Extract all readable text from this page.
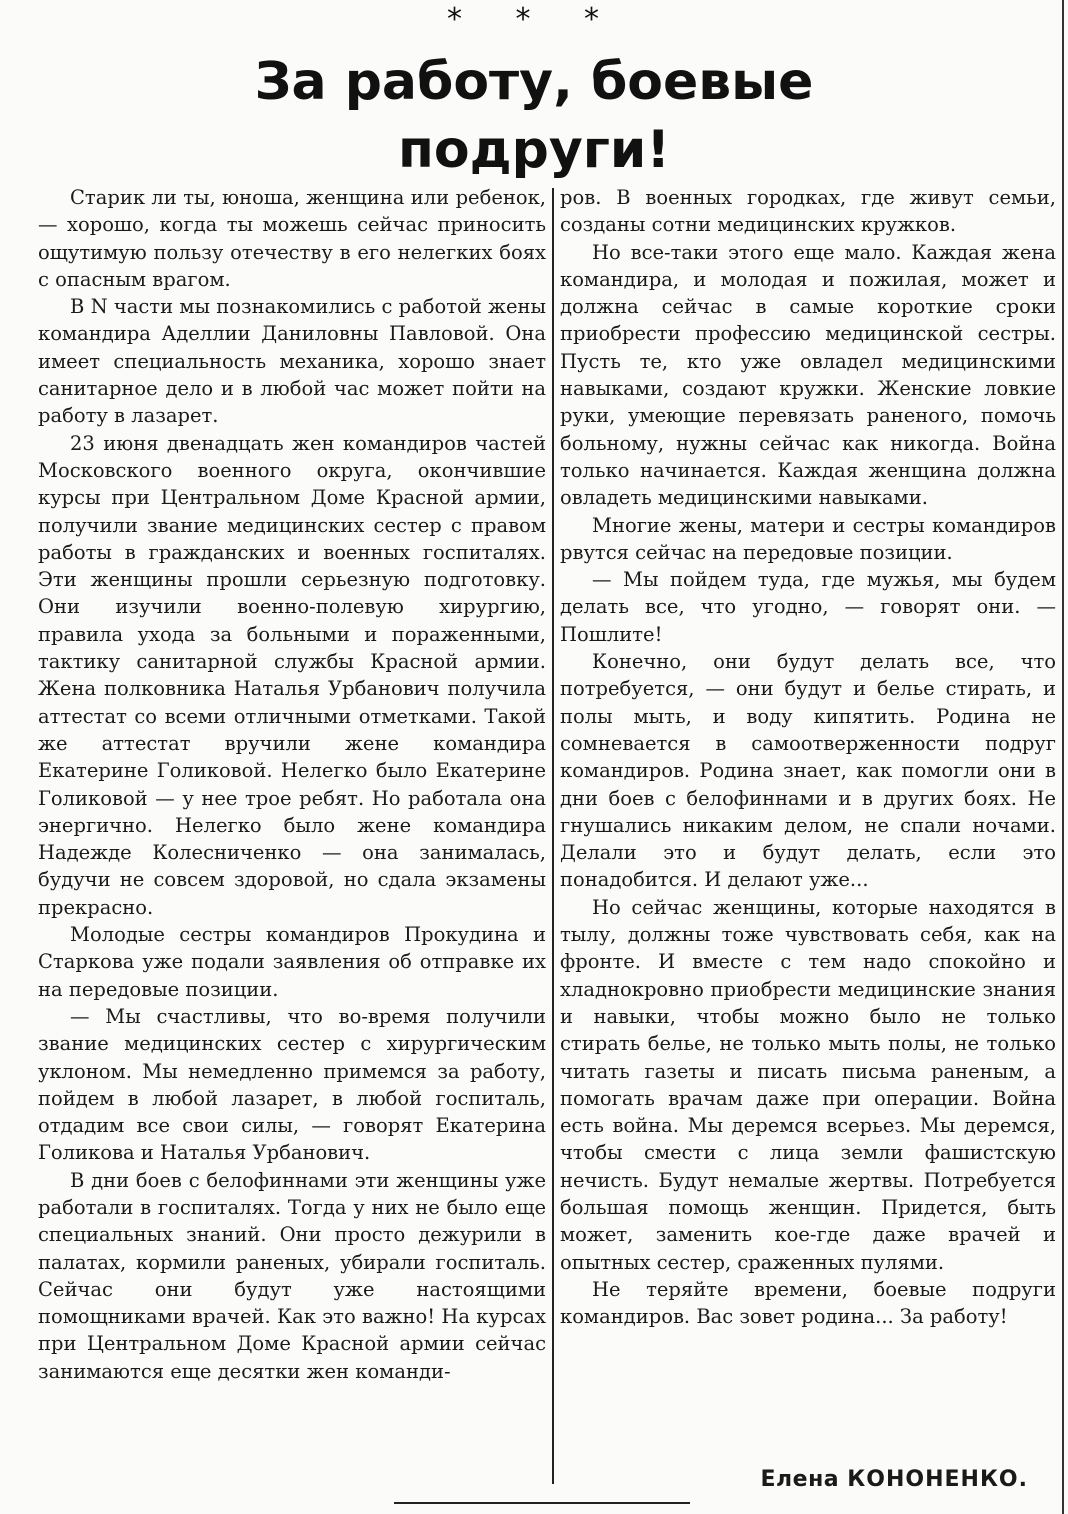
* * *
За работу, боевые
подруги!

Старик ли ты, юноша, женщина или ребенок, — хорошо, когда ты можешь сейчас приносить ощутимую пользу отечеству в его нелегких боях с опасным врагом.

В N части мы познакомились с работой жены командира Аделлии Даниловны Павловой. Она имеет специальность механика, хорошо знает санитарное дело и в любой час может пойти на работу в лазарет.

23 июня двенадцать жен командиров частей Московского военного округа, окончившие курсы при Центральном Доме Красной армии, получили звание медицинских сестер с правом работы в гражданских и военных госпиталях. Эти женщины прошли серьезную подготовку. Они изучили военно-полевую хирургию, правила ухода за больными и пораженными, тактику санитарной службы Красной армии. Жена полковника Наталья Урбанович получила аттестат со всеми отличными отметками. Такой же аттестат вручили жене командира Екатерине Голиковой. Нелегко было Екатерине Голиковой — у нее трое ребят. Но работала она энергично. Нелегко было жене командира Надежде Колесниченко — она занималась, будучи не совсем здоровой, но сдала экзамены прекрасно.

Молодые сестры командиров Прокудина и Старкова уже подали заявления об отправке их на передовые позиции.

— Мы счастливы, что во-время получили звание медицинских сестер с хирургическим уклоном. Мы немедленно примемся за работу, пойдем в любой лазарет, в любой госпиталь, отдадим все свои силы, — говорят Екатерина Голикова и Наталья Урбанович.

В дни боев с белофиннами эти женщины уже работали в госпиталях. Тогда у них не было еще специальных знаний. Они просто дежурили в палатах, кормили раненых, убирали госпиталь. Сейчас они будут уже настоящими помощниками врачей. Как это важно! На курсах при Центральном Доме Красной армии сейчас занимаются еще десятки жен команди-

ров. В военных городках, где живут семьи, созданы сотни медицинских кружков.

Но все-таки этого еще мало. Каждая жена командира, и молодая и пожилая, может и должна сейчас в самые короткие сроки приобрести профессию медицинской сестры. Пусть те, кто уже овладел медицинскими навыками, создают кружки. Женские ловкие руки, умеющие перевязать раненого, помочь больному, нужны сейчас как никогда. Война только начинается. Каждая женщина должна овладеть медицинскими навыками.

Многие жены, матери и сестры командиров рвутся сейчас на передовые позиции.

— Мы пойдем туда, где мужья, мы будем делать все, что угодно, — говорят они. — Пошлите!

Конечно, они будут делать все, что потребуется, — они будут и белье стирать, и полы мыть, и воду кипятить. Родина не сомневается в самоотверженности подруг командиров. Родина знает, как помогли они в дни боев с белофиннами и в других боях. Не гнушались никаким делом, не спали ночами. Делали это и будут делать, если это понадобится. И делают уже...

Но сейчас женщины, которые находятся в тылу, должны тоже чувствовать себя, как на фронте. И вместе с тем надо спокойно и хладнокровно приобрести медицинские знания и навыки, чтобы можно было не только стирать белье, не только мыть полы, не только читать газеты и писать письма раненым, а помогать врачам даже при операции. Война есть война. Мы деремся всерьез. Мы деремся, чтобы смести с лица земли фашистскую нечисть. Будут немалые жертвы. Потребуется большая помощь женщин. Придется, быть может, заменить кое-где даже врачей и опытных сестер, сраженных пулями.

Не теряйте времени, боевые подруги командиров. Вас зовет родина... За работу!

Елена КОНОНЕНКО.
